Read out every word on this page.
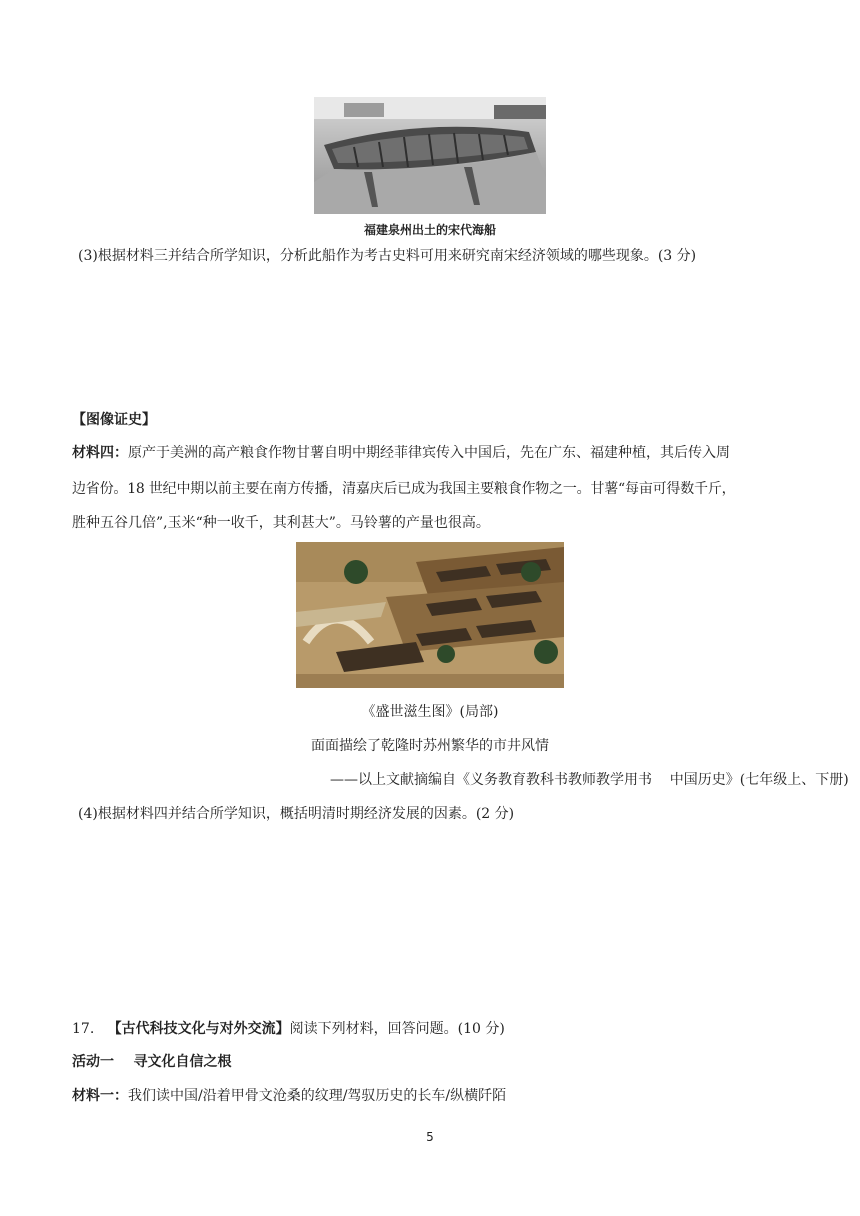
福建泉州出土的宋代海船
(3)根据材料三并结合所学知识，分析此船作为考古史料可用来研究南宋经济领域的哪些现象。(3 分)
【图像证史】
材料四：原产于美洲的高产粮食作物甘薯自明中期经菲律宾传入中国后，先在广东、福建种植，其后传入周
边省份。18 世纪中期以前主要在南方传播，清嘉庆后已成为我国主要粮食作物之一。甘薯“每亩可得数千斤，
胜种五谷几倍”,玉米“种一收千，其利甚大”。马铃薯的产量也很高。
《盛世滋生图》(局部)
面面描绘了乾隆时苏州繁华的市井风情
——以上文献摘编自《义务教育教科书教师教学用书    中国历史》(七年级上、下册)
(4)根据材料四并结合所学知识，概括明清时期经济发展的因素。(2 分)
17. 【古代科技文化与对外交流】阅读下列材料，回答问题。(10 分)
活动一    寻文化自信之根
材料一：我们读中国/沿着甲骨文沧桑的纹理/驾驭历史的长车/纵横阡陌
5
